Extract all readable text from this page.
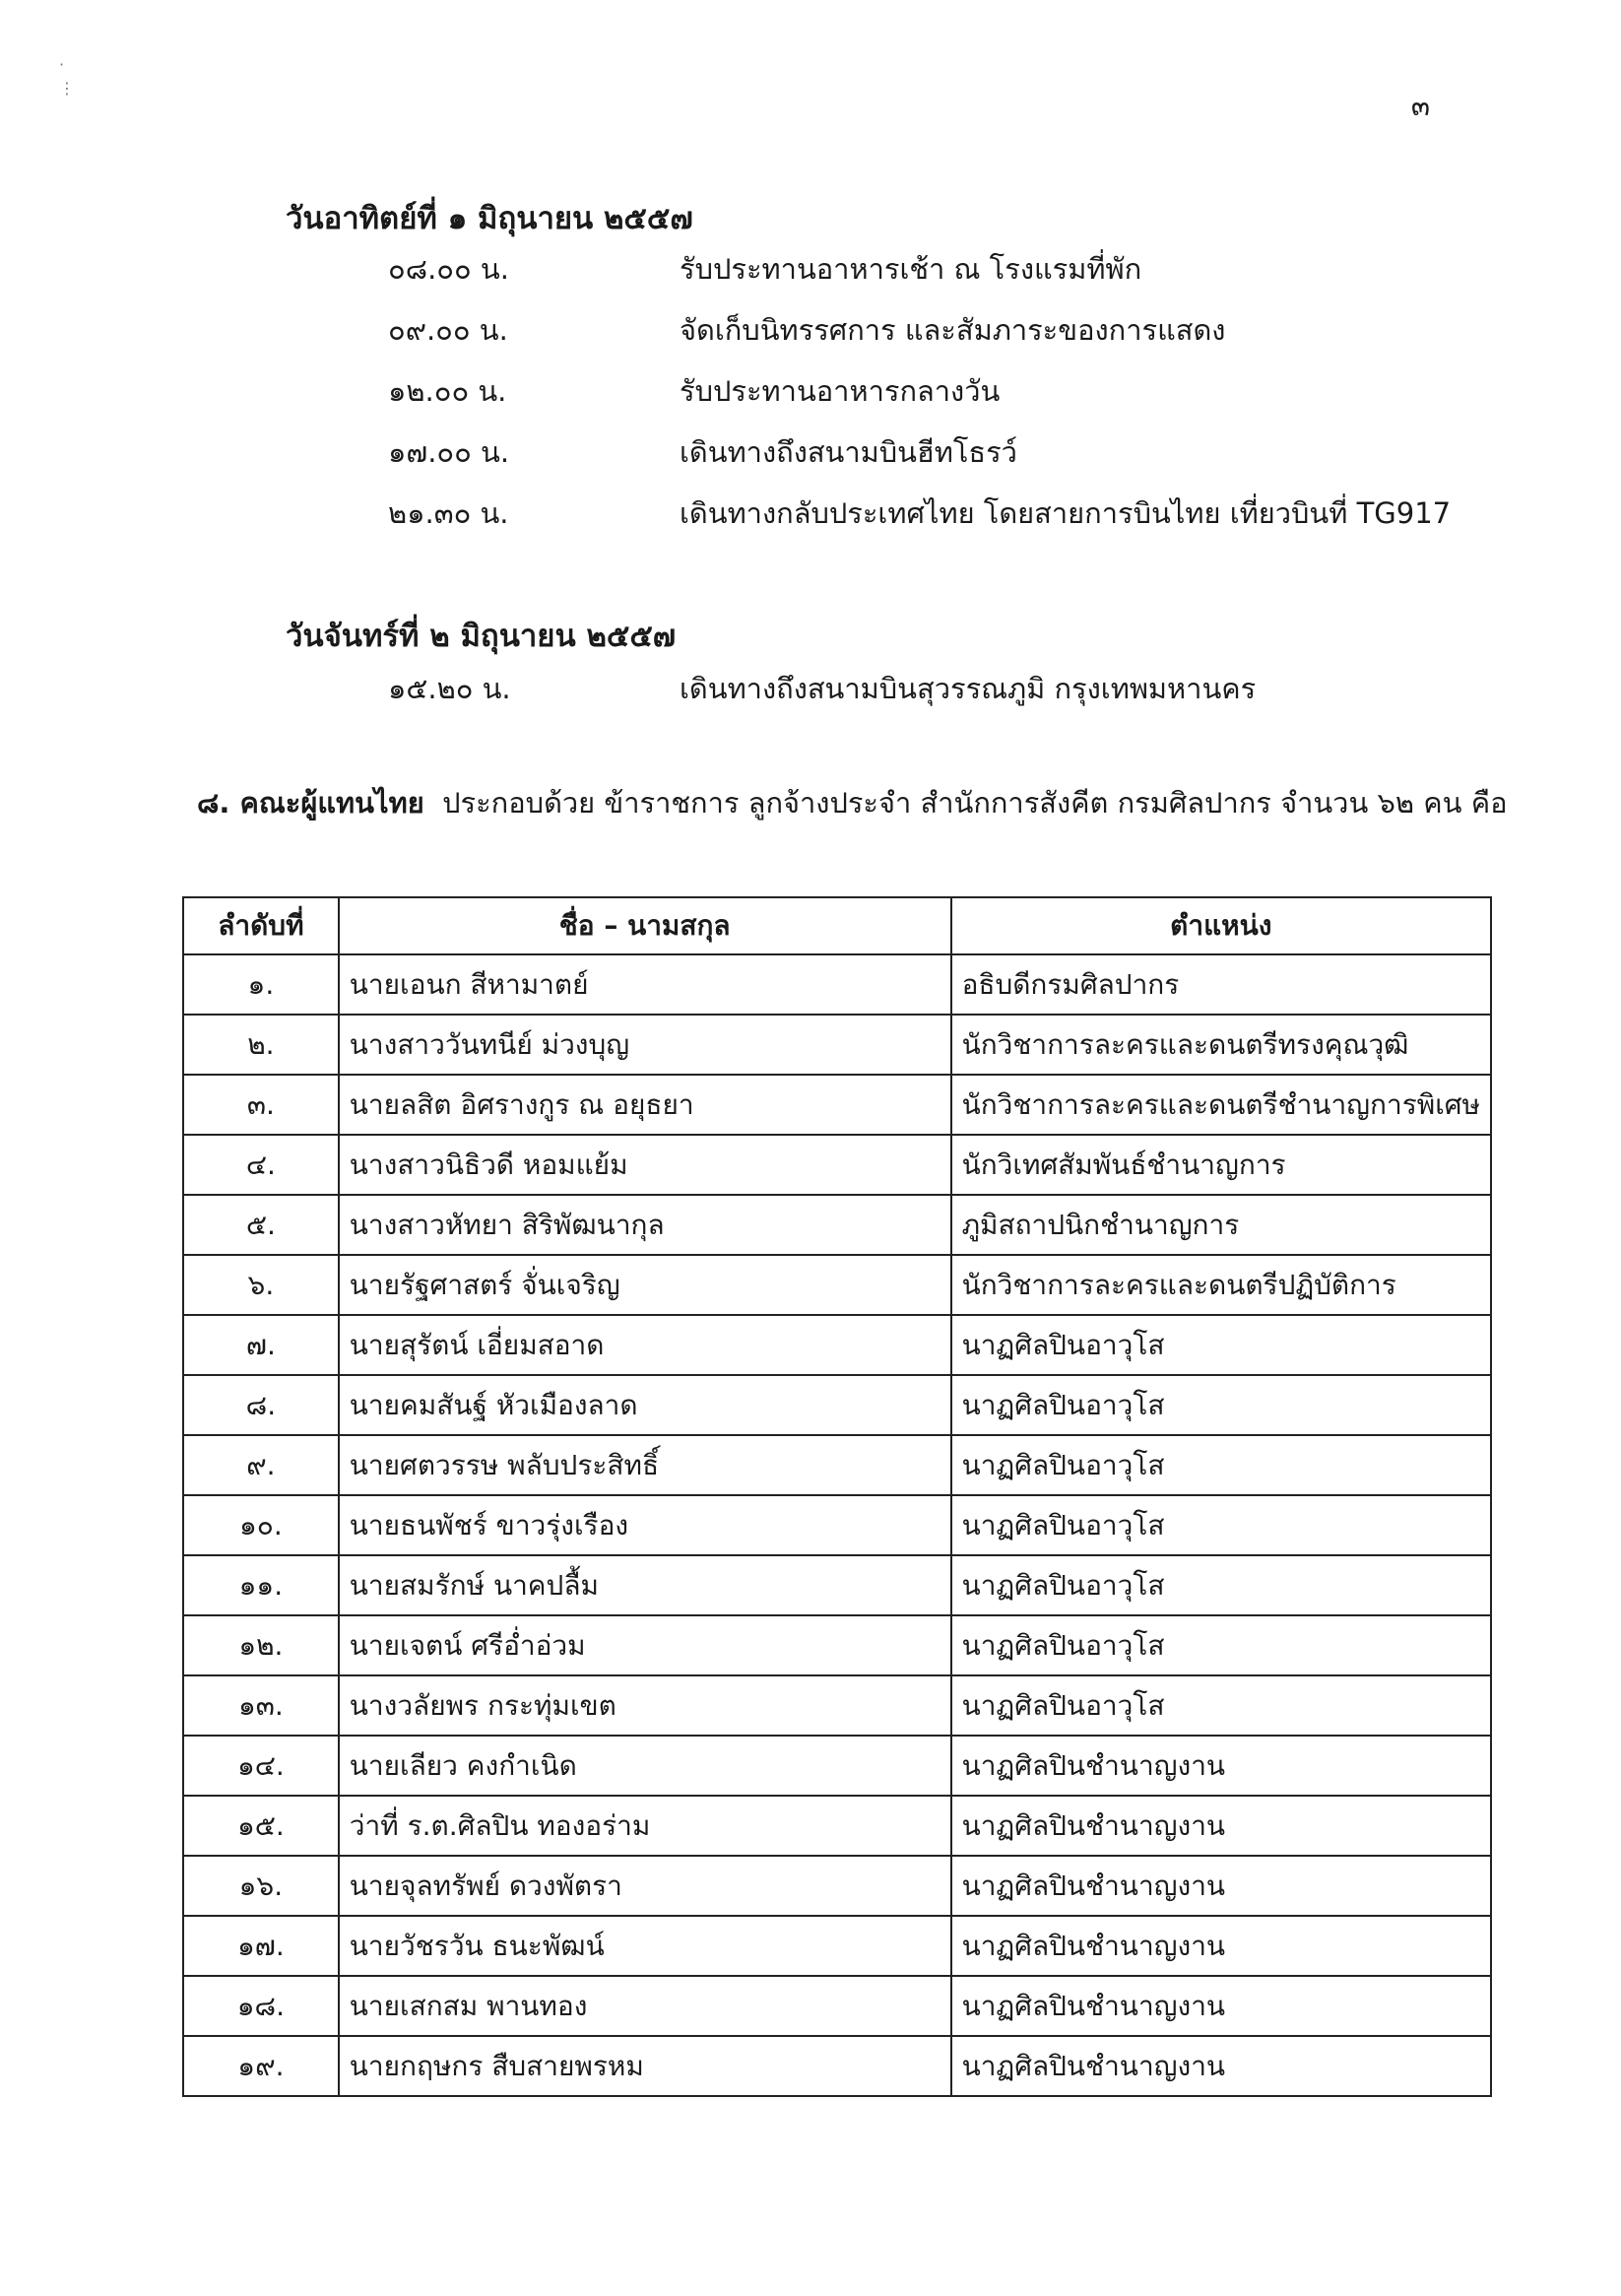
·

⋮
๓
วันอาทิตย์ที่ ๑ มิถุนายน ๒๕๕๗
๐๘.๐๐ น.	รับประทานอาหารเช้า ณ โรงแรมที่พัก
๐๙.๐๐ น.	จัดเก็บนิทรรศการ และสัมภาระของการแสดง
๑๒.๐๐ น.	รับประทานอาหารกลางวัน
๑๗.๐๐ น.	เดินทางถึงสนามบินฮีทโธรว์
๒๑.๓๐ น.	เดินทางกลับประเทศไทย โดยสายการบินไทย เที่ยวบินที่ TG917
วันจันทร์ที่ ๒ มิถุนายน ๒๕๕๗
๑๕.๒๐ น.	เดินทางถึงสนามบินสุวรรณภูมิ กรุงเทพมหานคร
๘. คณะผู้แทนไทย ประกอบด้วย ข้าราชการ ลูกจ้างประจำ สำนักการสังคีต กรมศิลปากร จำนวน ๖๒ คน คือ
ลำดับที่	ชื่อ – นามสกุล	ตำแหน่ง
๑.	นายเอนก สีหามาตย์	อธิบดีกรมศิลปากร
๒.	นางสาววันทนีย์ ม่วงบุญ	นักวิชาการละครและดนตรีทรงคุณวุฒิ
๓.	นายลสิต อิศรางกูร ณ อยุธยา	นักวิชาการละครและดนตรีชำนาญการพิเศษ
๔.	นางสาวนิธิวดี หอมแย้ม	นักวิเทศสัมพันธ์ชำนาญการ
๕.	นางสาวหัทยา สิริพัฒนากุล	ภูมิสถาปนิกชำนาญการ
๖.	นายรัฐศาสตร์ จั่นเจริญ	นักวิชาการละครและดนตรีปฏิบัติการ
๗.	นายสุรัตน์ เอี่ยมสอาด	นาฏศิลปินอาวุโส
๘.	นายคมสันฐ์ หัวเมืองลาด	นาฏศิลปินอาวุโส
๙.	นายศตวรรษ พลับประสิทธิ์	นาฏศิลปินอาวุโส
๑๐.	นายธนพัชร์ ขาวรุ่งเรือง	นาฏศิลปินอาวุโส
๑๑.	นายสมรักษ์ นาคปลื้ม	นาฏศิลปินอาวุโส
๑๒.	นายเจตน์ ศรีอ่ำอ่วม	นาฏศิลปินอาวุโส
๑๓.	นางวลัยพร กระทุ่มเขต	นาฏศิลปินอาวุโส
๑๔.	นายเลียว คงกำเนิด	นาฏศิลปินชำนาญงาน
๑๕.	ว่าที่ ร.ต.ศิลปิน ทองอร่าม	นาฏศิลปินชำนาญงาน
๑๖.	นายจุลทรัพย์ ดวงพัตรา	นาฏศิลปินชำนาญงาน
๑๗.	นายวัชรวัน ธนะพัฒน์	นาฏศิลปินชำนาญงาน
๑๘.	นายเสกสม พานทอง	นาฏศิลปินชำนาญงาน
๑๙.	นายกฤษกร สืบสายพรหม	นาฏศิลปินชำนาญงาน
